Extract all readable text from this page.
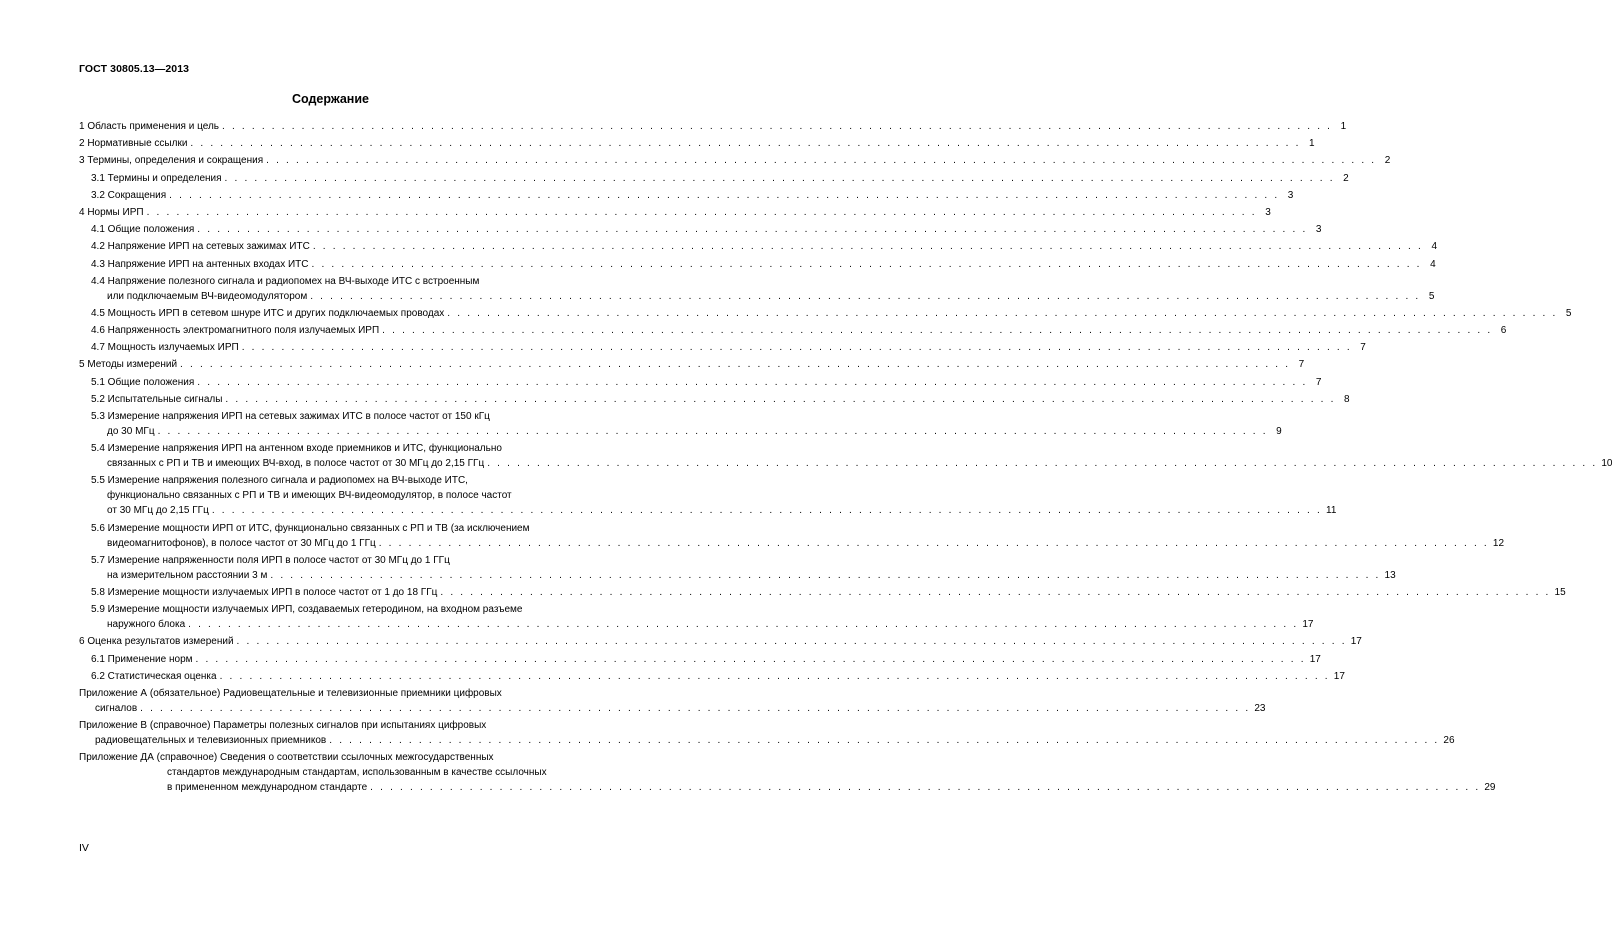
ГОСТ 30805.13—2013
Содержание
1 Область применения и цель . . . . . . . . . . . . . . . . . . . . . . . . . . . . . . . . . . . . . . . . . . . . . . . . . . . . . . . . . . . . . . . . . . . . . . . . . . . . . . . . . . . . . . . . . . . . . . . . . . . . . . . . . . . . . . . . 1
2 Нормативные ссылки . . . . . . . . . . . . . . . . . . . . . . . . . . . . . . . . . . . . . . . . . . . . . . . . . . . . . . . . . . . . . . . . . . . . . . . . . . . . . . . . . . . . . . . . . . . . . . . . . . . . . . . . . . . . . . . . 1
3 Термины, определения и сокращения . . . . . . . . . . . . . . . . . . . . . . . . . . . . . . . . . . . . . . . . . . . . . . . . . . . . . . . . . . . . . . . . . . . . . . . . . . . . . . . . . . . . . . . . . . . . . . . . . . . . . . . . . . . . . . . . 2
3.1 Термины и определения . . . . . . . . . . . . . . . . . . . . . . . . . . . . . . . . . . . . . . . . . . . . . . . . . . . . . . . . . . . . . . . . . . . . . . . . . . . . . . . . . . . . . . . . . . . . . . . . . . . . . . . . . . . . . . . . 2
3.2 Сокращения . . . . . . . . . . . . . . . . . . . . . . . . . . . . . . . . . . . . . . . . . . . . . . . . . . . . . . . . . . . . . . . . . . . . . . . . . . . . . . . . . . . . . . . . . . . . . . . . . . . . . . . . . . . . . . . . 3
4 Нормы ИРП . . . . . . . . . . . . . . . . . . . . . . . . . . . . . . . . . . . . . . . . . . . . . . . . . . . . . . . . . . . . . . . . . . . . . . . . . . . . . . . . . . . . . . . . . . . . . . . . . . . . . . . . . . . . . . . . 3
4.1 Общие положения . . . . . . . . . . . . . . . . . . . . . . . . . . . . . . . . . . . . . . . . . . . . . . . . . . . . . . . . . . . . . . . . . . . . . . . . . . . . . . . . . . . . . . . . . . . . . . . . . . . . . . . . . . . . . . . . 3
4.2 Напряжение ИРП на сетевых зажимах ИТС . . . . . . . . . . . . . . . . . . . . . . . . . . . . . . . . . . . . . . . . . . . . . . . . . . . . . . . . . . . . . . . . . . . . . . . . . . . . . . . . . . . . . . . . . . . . . . . . . . . . . . . . . . . . . . . . 4
4.3 Напряжение ИРП на антенных входах ИТС . . . . . . . . . . . . . . . . . . . . . . . . . . . . . . . . . . . . . . . . . . . . . . . . . . . . . . . . . . . . . . . . . . . . . . . . . . . . . . . . . . . . . . . . . . . . . . . . . . . . . . . . . . . . . . . . 4
4.4 Напряжение полезного сигнала и радиопомех на ВЧ-выходе ИТС с встроенным
или подключаемым ВЧ-видеомодулятором . . . . . . . . . . . . . . . . . . . . . . . . . . . . . . . . . . . . . . . . . . . . . . . . . . . . . . . . . . . . . . . . . . . . . . . . . . . . . . . . . . . . . . . . . . . . . . . . . . . . . . . . . . . . . . . . 5
4.5 Мощность ИРП в сетевом шнуре ИТС и других подключаемых проводах . . . . . . . . . . . . . . . . . . . . . . . . . . . . . . . . . . . . . . . . . . . . . . . . . . . . . . . . . . . . . . . . . . . . . . . . . . . . . . . . . . . . . . . . . . . . . . . . . . . . . . . . . . . . . . . . 5
4.6 Напряженность электромагнитного поля излучаемых ИРП . . . . . . . . . . . . . . . . . . . . . . . . . . . . . . . . . . . . . . . . . . . . . . . . . . . . . . . . . . . . . . . . . . . . . . . . . . . . . . . . . . . . . . . . . . . . . . . . . . . . . . . . . . . . . . . . 6
4.7 Мощность излучаемых ИРП . . . . . . . . . . . . . . . . . . . . . . . . . . . . . . . . . . . . . . . . . . . . . . . . . . . . . . . . . . . . . . . . . . . . . . . . . . . . . . . . . . . . . . . . . . . . . . . . . . . . . . . . . . . . . . . . 7
5 Методы измерений . . . . . . . . . . . . . . . . . . . . . . . . . . . . . . . . . . . . . . . . . . . . . . . . . . . . . . . . . . . . . . . . . . . . . . . . . . . . . . . . . . . . . . . . . . . . . . . . . . . . . . . . . . . . . . . . 7
5.1 Общие положения . . . . . . . . . . . . . . . . . . . . . . . . . . . . . . . . . . . . . . . . . . . . . . . . . . . . . . . . . . . . . . . . . . . . . . . . . . . . . . . . . . . . . . . . . . . . . . . . . . . . . . . . . . . . . . . . 7
5.2 Испытательные сигналы . . . . . . . . . . . . . . . . . . . . . . . . . . . . . . . . . . . . . . . . . . . . . . . . . . . . . . . . . . . . . . . . . . . . . . . . . . . . . . . . . . . . . . . . . . . . . . . . . . . . . . . . . . . . . . . . 8
5.3 Измерение напряжения ИРП на сетевых зажимах ИТС в полосе частот от 150 кГц
до 30 МГц . . . . . . . . . . . . . . . . . . . . . . . . . . . . . . . . . . . . . . . . . . . . . . . . . . . . . . . . . . . . . . . . . . . . . . . . . . . . . . . . . . . . . . . . . . . . . . . . . . . . . . . . . . . . . . . . 9
5.4 Измерение напряжения ИРП на антенном входе приемников и ИТС, функционально
связанных с РП и ТВ и имеющих ВЧ-вход, в полосе частот от 30 МГц до 2,15 ГГц . . . . . . . . . . . . . . . . . . . . . . . . . . . . . . . . . . . . . . . . . . . . . . . . . . . . . . . . . . . . . . . . . . . . . . . . . . . . . . . . . . . . . . . . . . . . . . . . . . . . . . . . . . . . . . . . 10
5.5 Измерение напряжения полезного сигнала и радиопомех на ВЧ-выходе ИТС,
функционально связанных с РП и ТВ и имеющих ВЧ-видеомодулятор, в полосе частот
от 30 МГц до 2,15 ГГц . . . . . . . . . . . . . . . . . . . . . . . . . . . . . . . . . . . . . . . . . . . . . . . . . . . . . . . . . . . . . . . . . . . . . . . . . . . . . . . . . . . . . . . . . . . . . . . . . . . . . . . . . . . . . . . . 11
5.6 Измерение мощности ИРП от ИТС, функционально связанных с РП и ТВ (за исключением
видеомагнитофонов), в полосе частот от 30 МГц до 1 ГГц . . . . . . . . . . . . . . . . . . . . . . . . . . . . . . . . . . . . . . . . . . . . . . . . . . . . . . . . . . . . . . . . . . . . . . . . . . . . . . . . . . . . . . . . . . . . . . . . . . . . . . . . . . . . . . . . 12
5.7 Измерение напряженности поля ИРП в полосе частот от 30 МГц до 1 ГГц
на измерительном расстоянии 3 м . . . . . . . . . . . . . . . . . . . . . . . . . . . . . . . . . . . . . . . . . . . . . . . . . . . . . . . . . . . . . . . . . . . . . . . . . . . . . . . . . . . . . . . . . . . . . . . . . . . . . . . . . . . . . . . . 13
5.8 Измерение мощности излучаемых ИРП в полосе частот от 1 до 18 ГГц . . . . . . . . . . . . . . . . . . . . . . . . . . . . . . . . . . . . . . . . . . . . . . . . . . . . . . . . . . . . . . . . . . . . . . . . . . . . . . . . . . . . . . . . . . . . . . . . . . . . . . . . . . . . . . . . 15
5.9 Измерение мощности излучаемых ИРП, создаваемых гетеродином, на входном разъеме
наружного блока . . . . . . . . . . . . . . . . . . . . . . . . . . . . . . . . . . . . . . . . . . . . . . . . . . . . . . . . . . . . . . . . . . . . . . . . . . . . . . . . . . . . . . . . . . . . . . . . . . . . . . . . . . . . . . . . 17
6 Оценка результатов измерений . . . . . . . . . . . . . . . . . . . . . . . . . . . . . . . . . . . . . . . . . . . . . . . . . . . . . . . . . . . . . . . . . . . . . . . . . . . . . . . . . . . . . . . . . . . . . . . . . . . . . . . . . . . . . . . . 17
6.1 Применение норм . . . . . . . . . . . . . . . . . . . . . . . . . . . . . . . . . . . . . . . . . . . . . . . . . . . . . . . . . . . . . . . . . . . . . . . . . . . . . . . . . . . . . . . . . . . . . . . . . . . . . . . . . . . . . . . . 17
6.2 Статистическая оценка . . . . . . . . . . . . . . . . . . . . . . . . . . . . . . . . . . . . . . . . . . . . . . . . . . . . . . . . . . . . . . . . . . . . . . . . . . . . . . . . . . . . . . . . . . . . . . . . . . . . . . . . . . . . . . . . 17
Приложение А (обязательное) Радиовещательные и телевизионные приемники цифровых
сигналов . . . . . . . . . . . . . . . . . . . . . . . . . . . . . . . . . . . . . . . . . . . . . . . . . . . . . . . . . . . . . . . . . . . . . . . . . . . . . . . . . . . . . . . . . . . . . . . . . . . . . . . . . . . . . . . . 23
Приложение В (справочное) Параметры полезных сигналов при испытаниях цифровых
радиовещательных и телевизионных приемников . . . . . . . . . . . . . . . . . . . . . . . . . . . . . . . . . . . . . . . . . . . . . . . . . . . . . . . . . . . . . . . . . . . . . . . . . . . . . . . . . . . . . . . . . . . . . . . . . . . . . . . . . . . . . . . . 26
Приложение ДА (справочное) Сведения о соответствии ссылочных межгосударственных
стандартов международным стандартам, использованным в качестве ссылочных
в примененном международном стандарте . . . . . . . . . . . . . . . . . . . . . . . . . . . . . . . . . . . . . . . . . . . . . . . . . . . . . . . . . . . . . . . . . . . . . . . . . . . . . . . . . . . . . . . . . . . . . . . . . . . . . . . . . . . . . . . . 29
IV
